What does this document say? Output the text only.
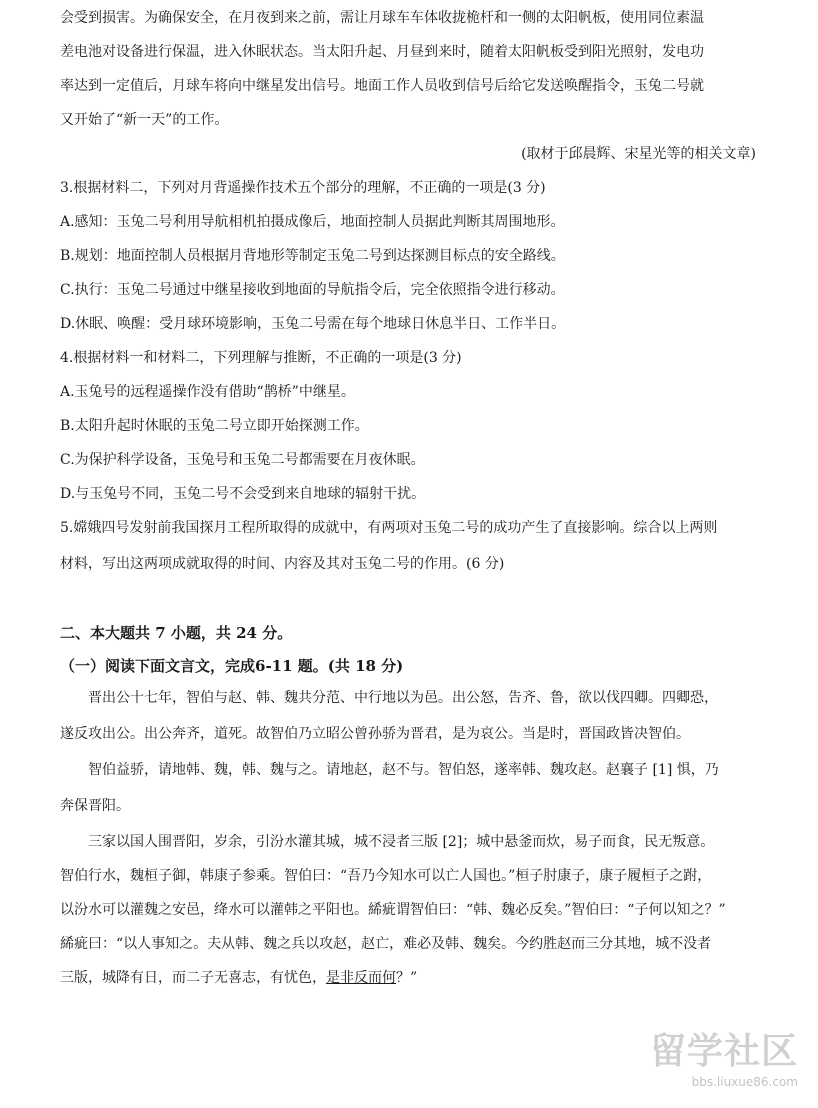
会受到损害。为确保安全，在月夜到来之前，需让月球车车体收拢桅杆和一侧的太阳帆板，使用同位素温
差电池对设备进行保温，进入休眠状态。当太阳升起、月昼到来时，随着太阳帆板受到阳光照射，发电功
率达到一定值后，月球车将向中继星发出信号。地面工作人员收到信号后给它发送唤醒指令，玉兔二号就
又开始了“新一天”的工作。
(取材于邱晨辉、宋星光等的相关文章)
3.根据材料二，下列对月背遥操作技术五个部分的理解，不正确的一项是(3 分)
A.感知：玉兔二号利用导航相机拍摄成像后，地面控制人员据此判断其周围地形。
B.规划：地面控制人员根据月背地形等制定玉兔二号到达探测目标点的安全路线。
C.执行：玉兔二号通过中继星接收到地面的导航指令后，完全依照指令进行移动。
D.休眠、唤醒：受月球环境影响，玉兔二号需在每个地球日休息半日、工作半日。
4.根据材料一和材料二，下列理解与推断，不正确的一项是(3 分)
A.玉兔号的远程遥操作没有借助“鹊桥”中继星。
B.太阳升起时休眠的玉兔二号立即开始探测工作。
C.为保护科学设备，玉兔号和玉兔二号都需要在月夜休眠。
D.与玉兔号不同，玉兔二号不会受到来自地球的辐射干扰。
5.嫦娥四号发射前我国探月工程所取得的成就中，有两项对玉兔二号的成功产生了直接影响。综合以上两则
材料，写出这两项成就取得的时间、内容及其对玉兔二号的作用。(6 分)
二、本大题共 7 小题，共 24 分。
（一）阅读下面文言文，完成6-11 题。(共 18 分)
晋出公十七年，智伯与赵、韩、魏共分范、中行地以为邑。出公怒，告齐、鲁，欲以伐四卿。四卿恐，
遂反攻出公。出公奔齐，道死。故智伯乃立昭公曾孙骄为晋君，是为哀公。当是时，晋国政皆决智伯。
智伯益骄，请地韩、魏，韩、魏与之。请地赵，赵不与。智伯怒，遂率韩、魏攻赵。赵襄子 [1] 惧，乃
奔保晋阳。
三家以国人围晋阳，岁余，引汾水灌其城，城不浸者三版 [2]；城中悬釜而炊，易子而食，民无叛意。
智伯行水，魏桓子御，韩康子参乘。智伯曰：“吾乃今知水可以亡人国也。”桓子肘康子，康子履桓子之跗，
以汾水可以灌魏之安邑，绛水可以灌韩之平阳也。絺疵谓智伯曰：“韩、魏必反矣。”智伯曰：“子何以知之？”
絺疵曰：“以人事知之。夫从韩、魏之兵以攻赵，赵亡，难必及韩、魏矣。今约胜赵而三分其地，城不没者
三版，城降有日，而二子无喜志，有忧色，是非反而何？”
留学社区
bbs.liuxue86.com
